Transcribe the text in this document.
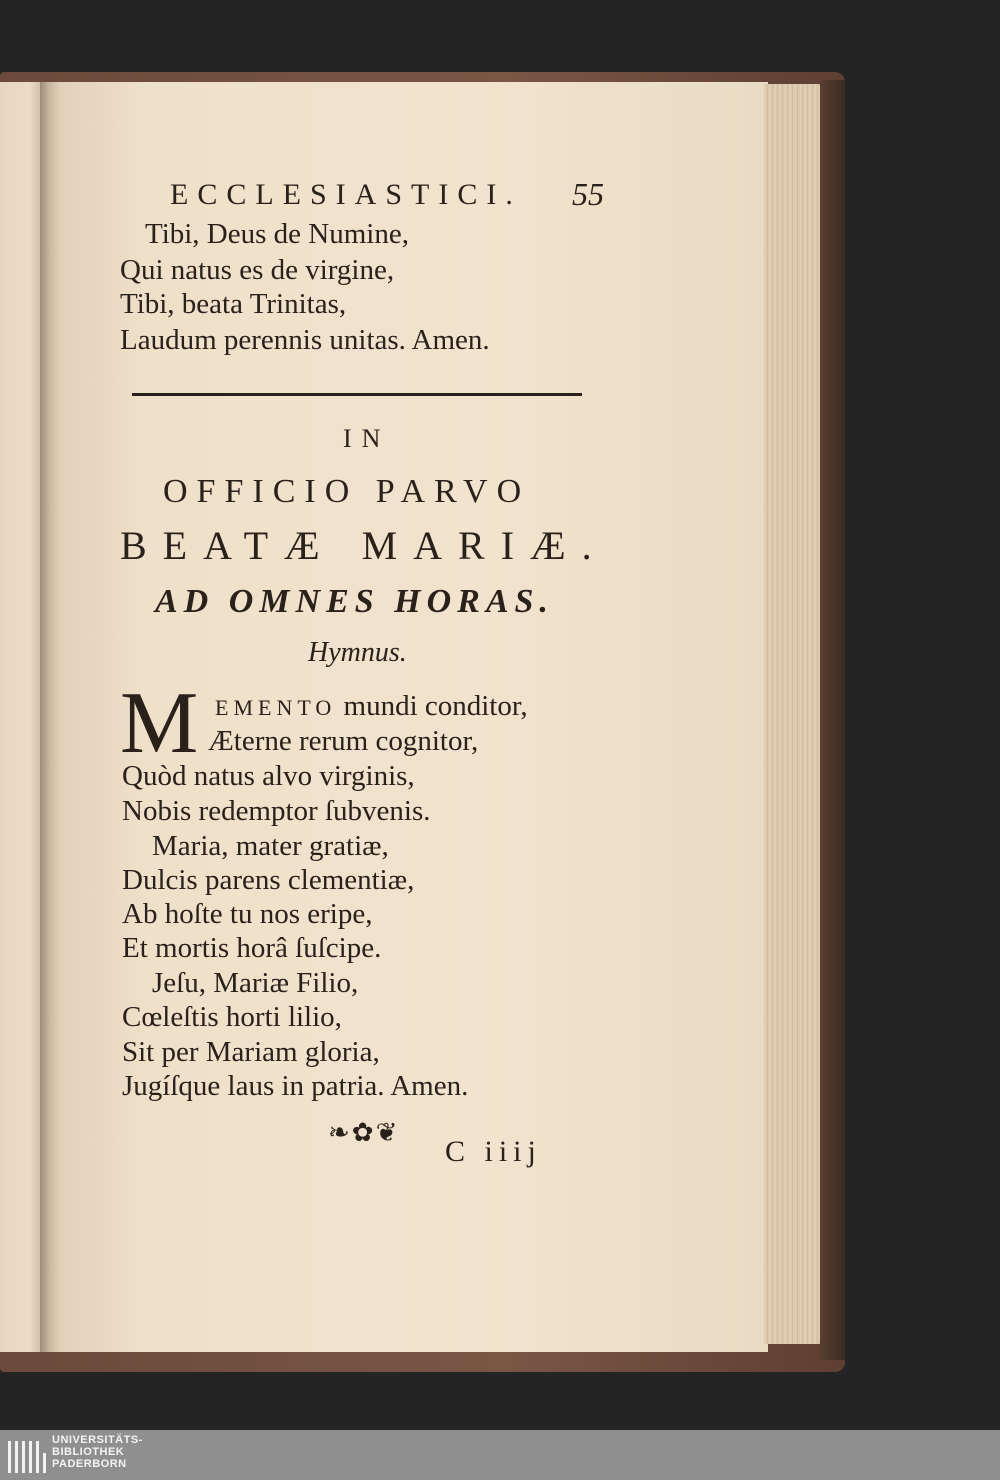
ECCLESIASTICI. 55
Tibi, Deus de Numine,
Qui natus es de virgine,
Tibi, beata Trinitas,
Laudum perennis unitas. Amen.
IN
OFFICIO PARVO
BEATÆ MARIÆ.
AD OMNES HORAS.
Hymnus.
M EMENTO mundi conditor,
Æterne rerum cognitor,
Quòd natus alvo virginis,
Nobis redemptor ſubvenis.
Maria, mater gratiæ,
Dulcis parens clementiæ,
Ab hoſte tu nos eripe,
Et mortis horâ ſuſcipe.
Jeſu, Mariæ Filio,
Cœleſtis horti lilio,
Sit per Mariam gloria,
Jugíſque laus in patria. Amen.
❧✿❦
C iiij
UNIVERSITÄTS-
BIBLIOTHEK
PADERBORN
